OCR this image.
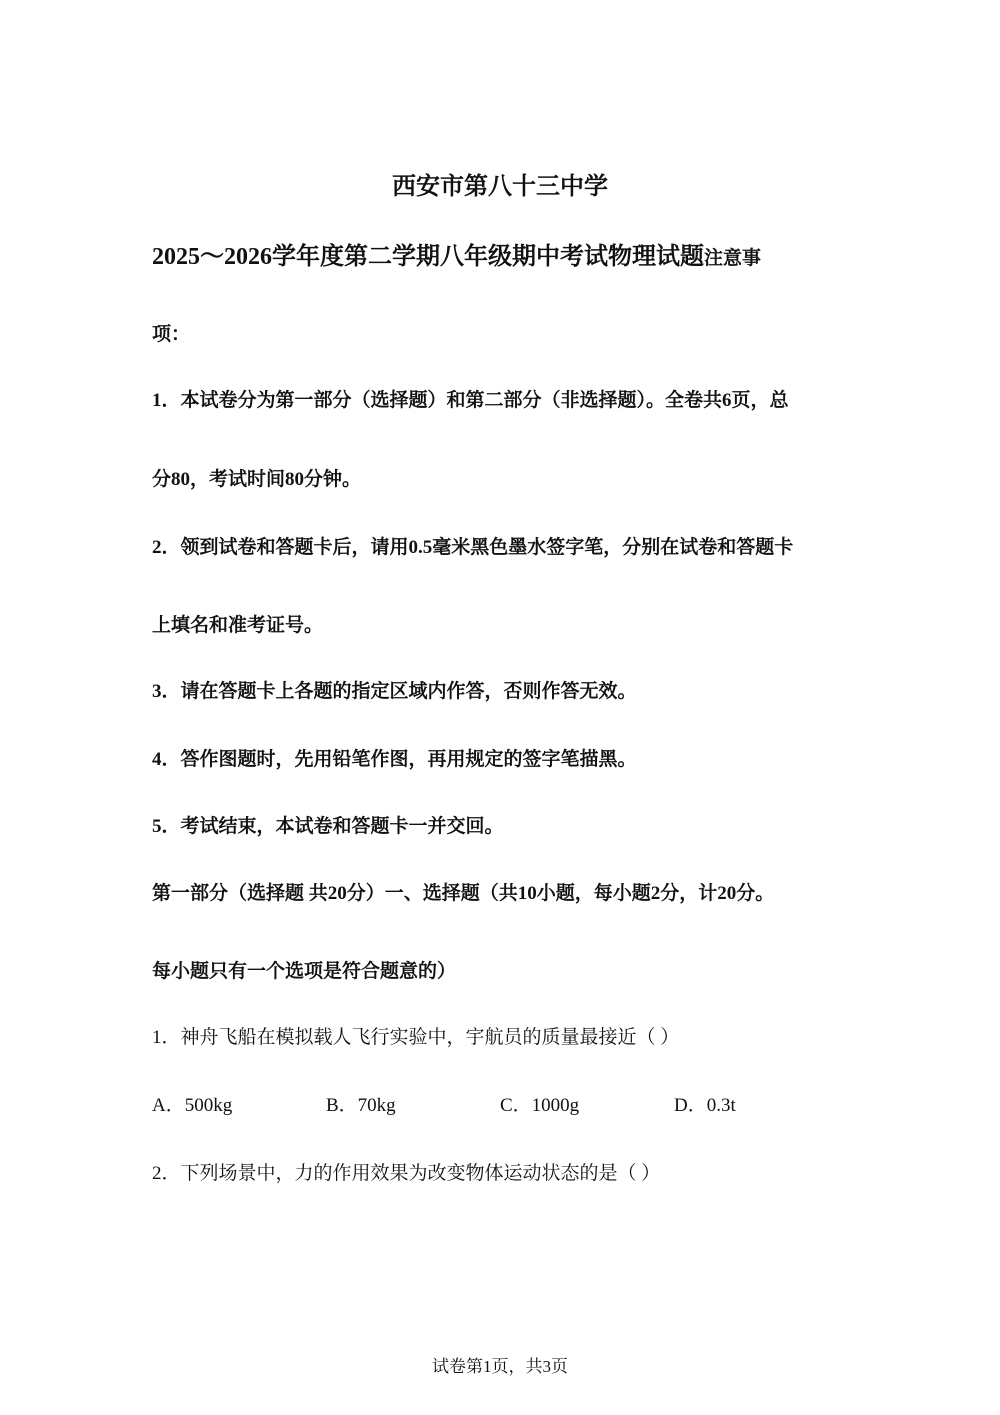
西安市第八十三中学
2025～2026学年度第二学期八年级期中考试物理试题注意事
项：
1．本试卷分为第一部分（选择题）和第二部分（非选择题）。全卷共6页，总
分80，考试时间80分钟。
2．领到试卷和答题卡后，请用0.5毫米黑色墨水签字笔，分别在试卷和答题卡
上填名和准考证号。
3．请在答题卡上各题的指定区域内作答，否则作答无效。
4．答作图题时，先用铅笔作图，再用规定的签字笔描黑。
5．考试结束，本试卷和答题卡一并交回。
第一部分（选择题 共20分）一、选择题（共10小题，每小题2分，计20分。
每小题只有一个选项是符合题意的）
1．神舟飞船在模拟载人飞行实验中，宇航员的质量最接近（ ）
A．500kg	B．70kg	C．1000g	D．0.3t
2．下列场景中，力的作用效果为改变物体运动状态的是（ ）
试卷第1页，共3页
